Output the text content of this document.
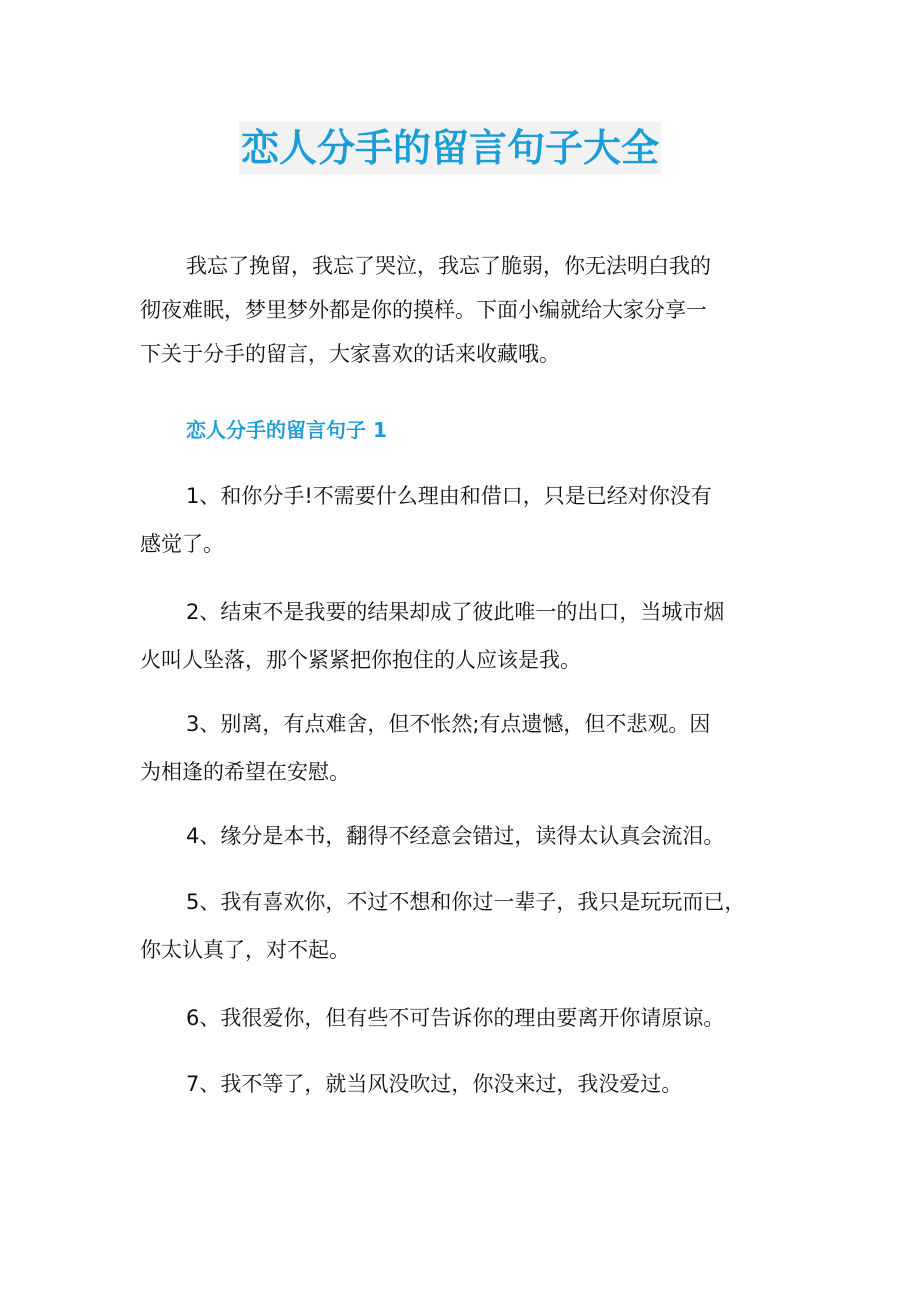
恋人分手的留言句子大全
我忘了挽留，我忘了哭泣，我忘了脆弱，你无法明白我的
彻夜难眠，梦里梦外都是你的摸样。下面小编就给大家分享一
下关于分手的留言，大家喜欢的话来收藏哦。
恋人分手的留言句子 1
1、和你分手!不需要什么理由和借口，只是已经对你没有
感觉了。
2、结束不是我要的结果却成了彼此唯一的出口，当城市烟
火叫人坠落，那个紧紧把你抱住的人应该是我。
3、别离，有点难舍，但不怅然;有点遗憾，但不悲观。因
为相逢的希望在安慰。
4、缘分是本书，翻得不经意会错过，读得太认真会流泪。
5、我有喜欢你，不过不想和你过一辈子，我只是玩玩而已，
你太认真了，对不起。
6、我很爱你，但有些不可告诉你的理由要离开你请原谅。
7、我不等了，就当风没吹过，你没来过，我没爱过。
